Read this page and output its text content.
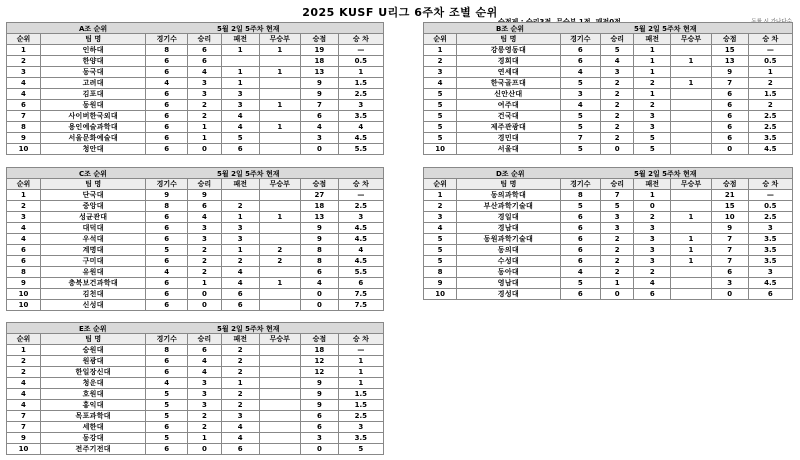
2025 KUSF U리그 6주차 조별 순위
A조 순위	5월 2일 5주차 현재
순위	팀 명	경기수	승리	패전	무승부	승점	승 차
1	인하대	8	6	1	1	19	—
2	한양대	6	6			18	0.5
3	동국대	6	4	1	1	13	1
4	고려대	4	3	1		9	1.5
4	김포대	6	3	3		9	2.5
6	동원대	6	2	3	1	7	3
7	사이버한국외대	6	2	4		6	3.5
8	용인예술과학대	6	1	4	1	4	4
9	서울문화예술대	6	1	5		3	4.5
10	청안대	6	0	6		0	5.5
B조 순위	5월 2일 5주차 현재
순위	팀 명	경기수	승리	패전	무승부	승점	승 차
1	강릉영동대	6	5	1		15	—
2	경희대	6	4	1	1	13	0.5
3	연세대	4	3	1		9	1
4	한국골프대	5	2	2	1	7	2
5	신안산대	3	2	1		6	1.5
5	여주대	4	2	2		6	2
5	건국대	5	2	3		6	2.5
5	제주관광대	5	2	3		6	2.5
5	경민대	7	2	5		6	3.5
10	서울대	5	0	5		0	4.5
C조 순위	5월 2일 5주차 현재
순위	팀 명	경기수	승리	패전	무승부	승점	승 차
1	단국대	9	9			27	—
2	중앙대	8	6	2		18	2.5
3	성균관대	6	4	1	1	13	3
4	대덕대	6	3	3		9	4.5
4	우석대	6	3	3		9	4.5
6	계명대	5	2	1	2	8	4
6	구미대	6	2	2	2	8	4.5
8	유원대	4	2	4		6	5.5
9	충북보건과학대	6	1	4	1	4	6
10	김천대	6	0	6		0	7.5
10	신성대	6	0	6		0	7.5
D조 순위	5월 2일 5주차 현재
순위	팀 명	경기수	승리	패전	무승부	승점	승 차
1	동의과학대	8	7	1		21	—
2	부산과학기술대	5	5	0		15	0.5
3	경일대	6	3	2	1	10	2.5
4	경남대	6	3	3		9	3
5	동원과학기술대	6	2	3	1	7	3.5
5	동의대	6	2	3	1	7	3.5
5	수성대	6	2	3	1	7	3.5
8	동아대	4	2	2		6	3
9	영남대	5	1	4		3	4.5
10	경성대	6	0	6		0	6
E조 순위	5월 2일 5주차 현재
순위	팀 명	경기수	승리	패전	무승부	승점	승 차
1	숭원대	8	6	2		18	—
2	원광대	6	4	2		12	1
2	한일장신대	6	4	2		12	1
4	청운대	4	3	1		9	1
4	호원대	5	3	2		9	1.5
4	홍익대	5	3	2		9	1.5
7	목포과학대	5	2	3		6	2.5
7	세한대	6	2	4		6	3
9	동강대	5	1	4		3	3.5
10	전주기전대	6	0	6		0	5
